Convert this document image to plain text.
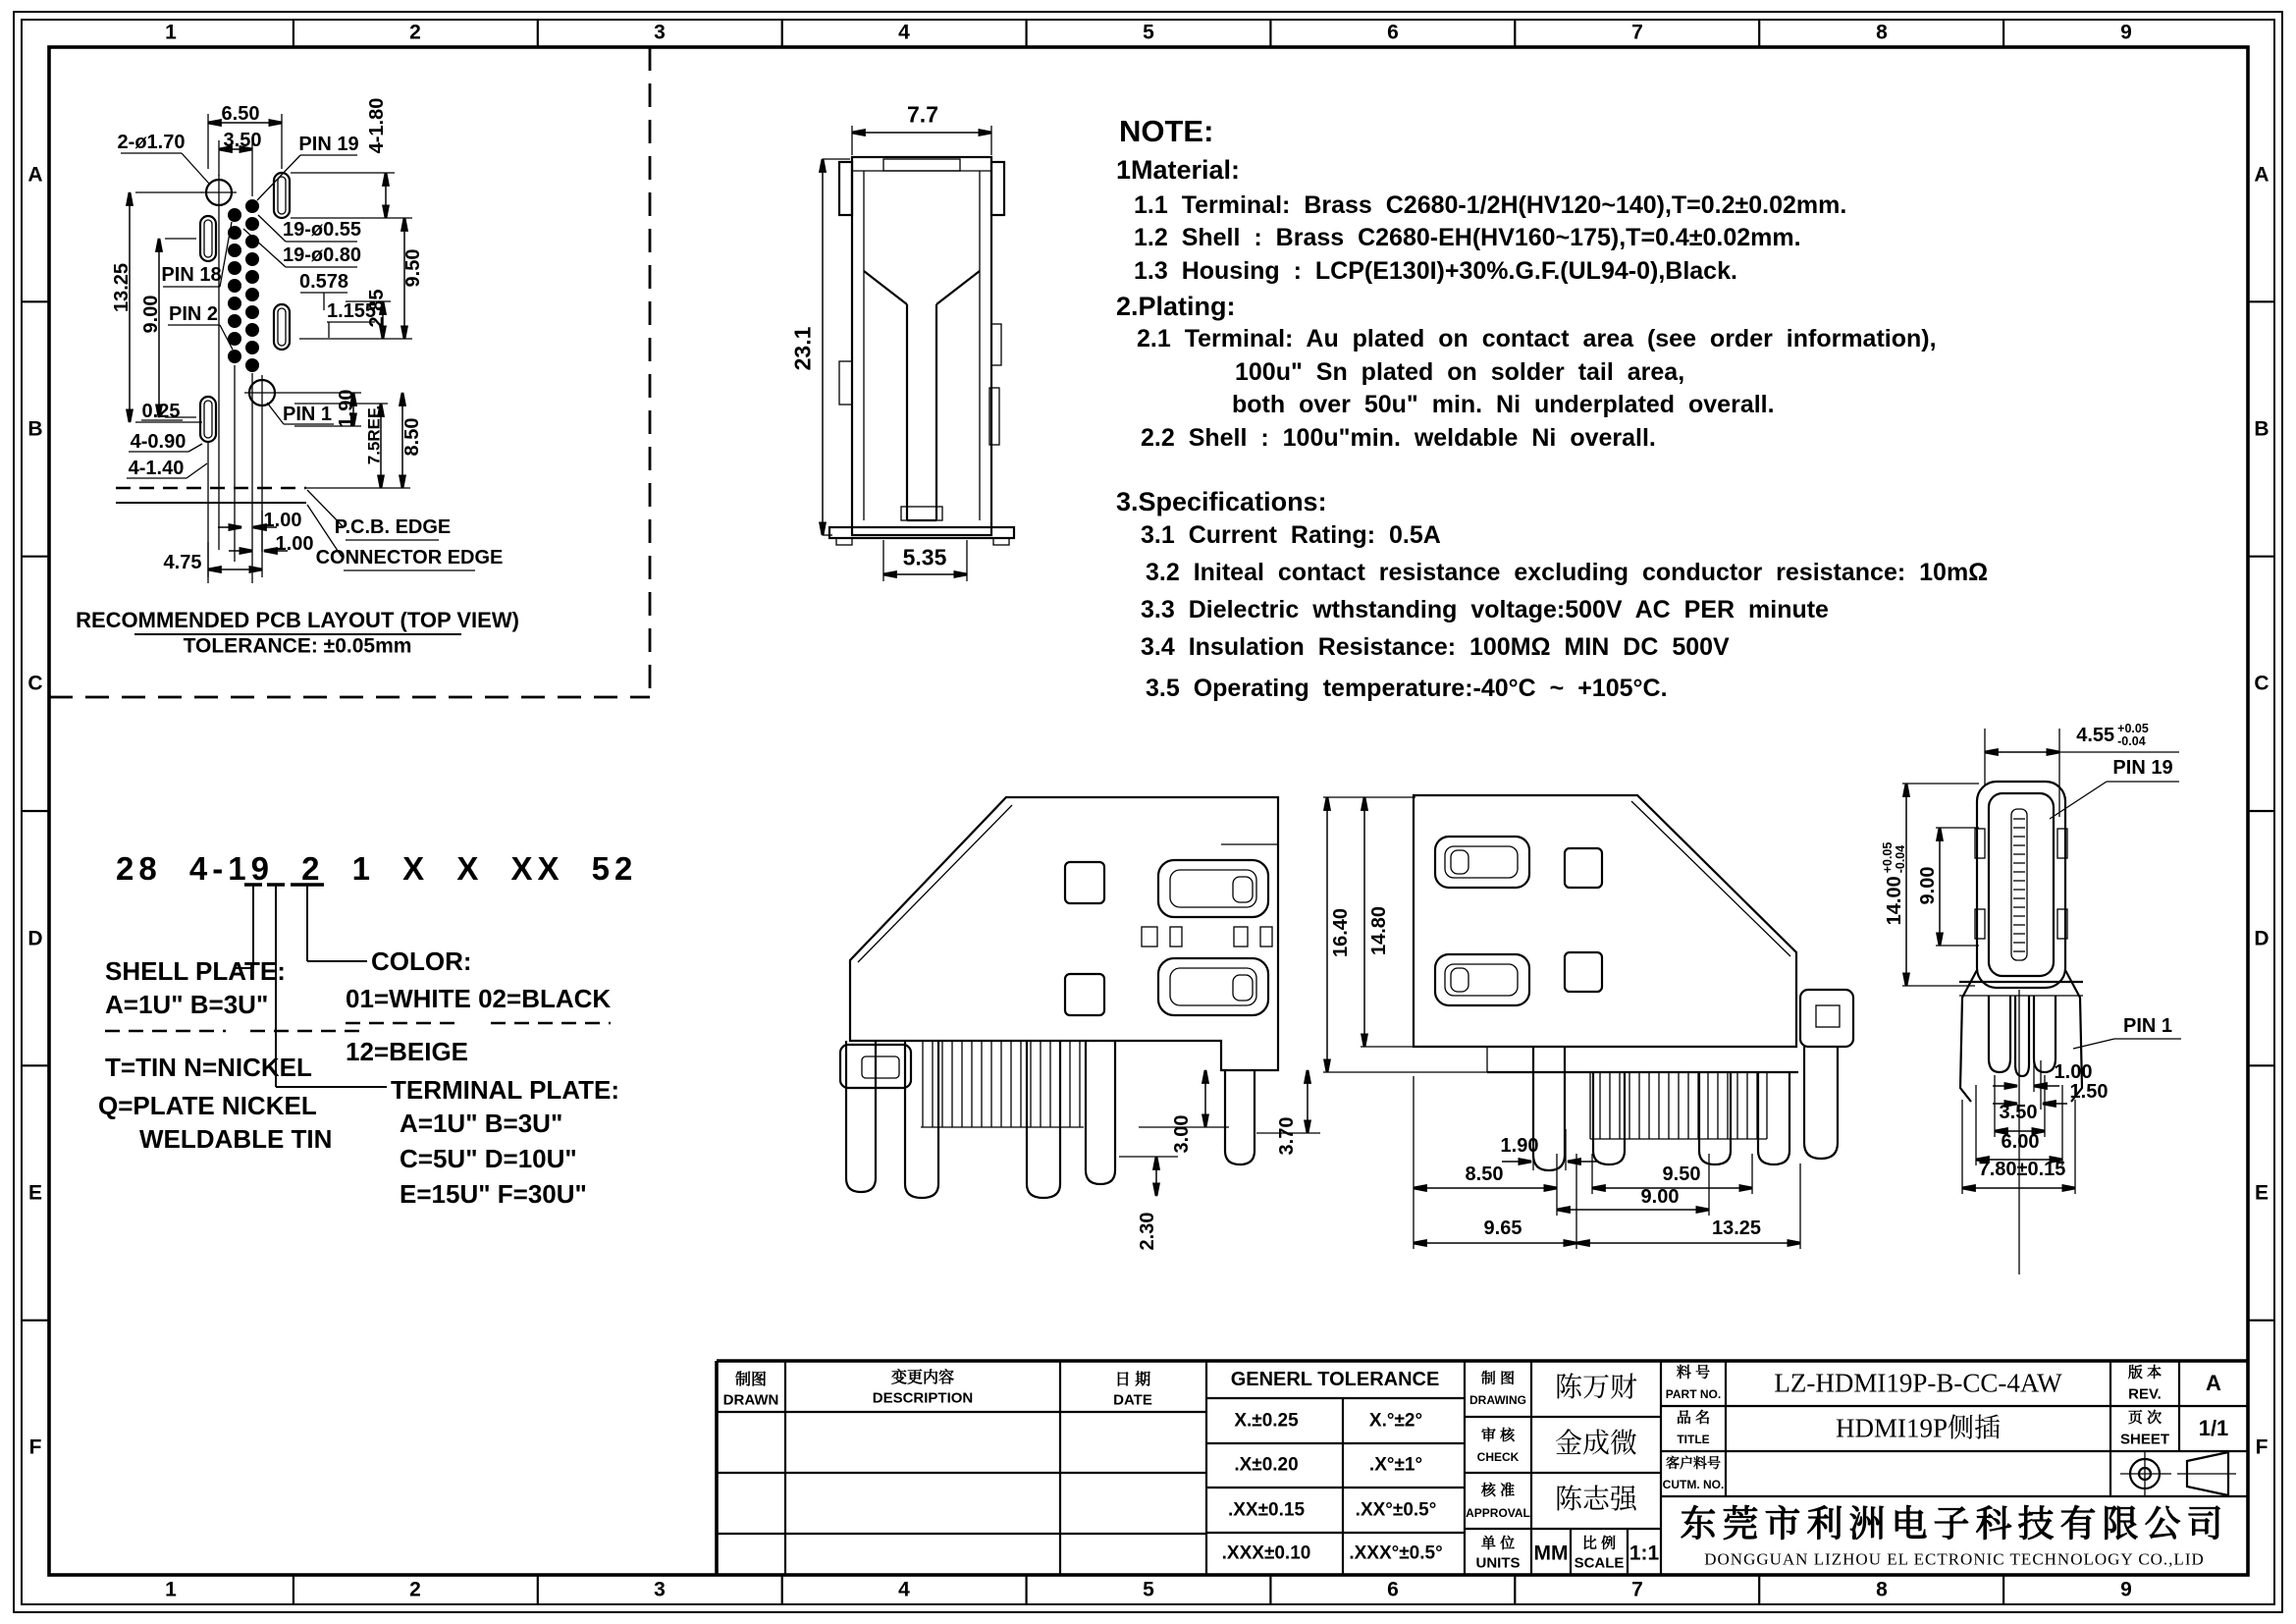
1	2	3	4	5	6	7	8	9
1	2	3	4	5	6	7	8	9
A
B
C
D
E
F
A
B
C
D
E
F
6.50
3.50
2-ø1.70	PIN 19 4-1.80
19-ø0.55
19-ø0.80
PIN 18	0.578
1.155
2.85
9.50
PIN 2
13.25
9.00
0.25
4-0.90
4-1.40
PIN 1 1.90 7.5REF. 8.50
1.00
1.00
4.75
P.C.B. EDGE
CONNECTOR EDGE
RECOMMENDED PCB LAYOUT (TOP VIEW)
TOLERANCE: ±0.05mm
7.7
23.1
5.35
NOTE:
1Material:
1.1 Terminal: Brass C2680-1/2H(HV120~140),T=0.2±0.02mm.
1.2 Shell : Brass C2680-EH(HV160~175),T=0.4±0.02mm.
1.3 Housing : LCP(E130I)+30%.G.F.(UL94-0),Black.
2.Plating:
2.1 Terminal: Au plated on contact area (see order information),
100u" Sn plated on solder tail area,
both over 50u" min. Ni underplated overall.
2.2 Shell : 100u"min. weldable Ni overall.
3.Specifications:
3.1 Current Rating: 0.5A
3.2 Initeal contact resistance excluding conductor resistance: 10mΩ
3.3 Dielectric wthstanding voltage:500V AC PER minute
3.4 Insulation Resistance: 100MΩ MIN DC 500V
3.5 Operating temperature:-40°C ~ +105°C.
28 4-19 2 1 X X XX 52
SHELL PLATE:
A=1U" B=3U"
T=TIN N=NICKEL
Q=PLATE NICKEL
WELDABLE TIN
COLOR:
01=WHITE 02=BLACK
12=BEIGE
TERMINAL PLATE:
A=1U" B=3U"
C=5U" D=10U"
E=15U" F=30U"
3.00	3.70
2.30
16.40 14.80
1.90
8.50
9.65
9.50
9.00
13.25
4.55 +0.05
-0.04
PIN 19
14.00
+0.05 -0.04
9.00
PIN 1
1.00
1.50
3.50
6.00
7.80±0.15
制图
DRAWN
变更内容
DESCRIPTION
日 期
DATE
GENERL TOLERANCE
X.±0.25	X.°±2°
.X±0.20	.X°±1°
.XX±0.15	.XX°±0.5°
.XXX±0.10 .XXX°±0.5°
制 图
DRAWING 陈万财
审 核
CHECK 金成微
核 准
APPROVAL 陈志强
单 位
UNITS MM 比 例
SCALE 1:1
料 号
PART NO. LZ-HDMI19P-B-CC-4AW
品 名
TITLE	HDMI19P侧插
客户料号
CUTM. NO.
版 本
REV. A
页 次
SHEET 1/1
东莞市利洲电子科技有限公司
DONGGUAN LIZHOU EL ECTRONIC TECHNOLOGY CO.,LID
